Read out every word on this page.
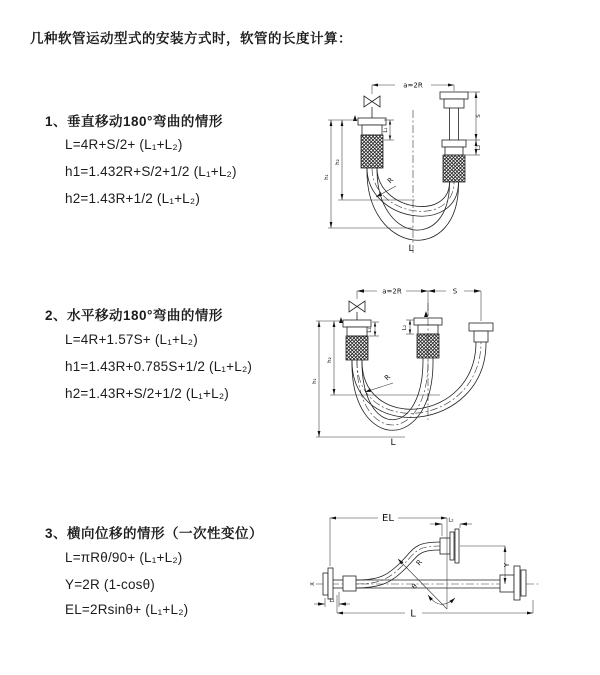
几种软管运动型式的安装方式时，软管的长度计算：
1、垂直移动180°弯曲的情形
L=4R+S/2+ (L₁+L₂)
h1=1.432R+S/2+1/2 (L₁+L₂)
h2=1.43R+1/2 (L₁+L₂)
2、水平移动180°弯曲的情形
L=4R+1.57S+ (L₁+L₂)
h1=1.43R+0.785S+1/2 (L₁+L₂)
h2=1.43R+S/2+1/2 (L₁+L₂)
3、横向位移的情形（一次性变位）
L=πRθ/90+ (L₁+L₂)
Y=2R (1-cosθ)
EL=2Rsinθ+ (L₁+L₂)
a=2R
L₁
S
L₂
h₂
h₁	R
L
a=2R	S
L₁	L₂
h₂
h₁	R
L
X
EL	L₂
Y
R
θ
L
L₁
